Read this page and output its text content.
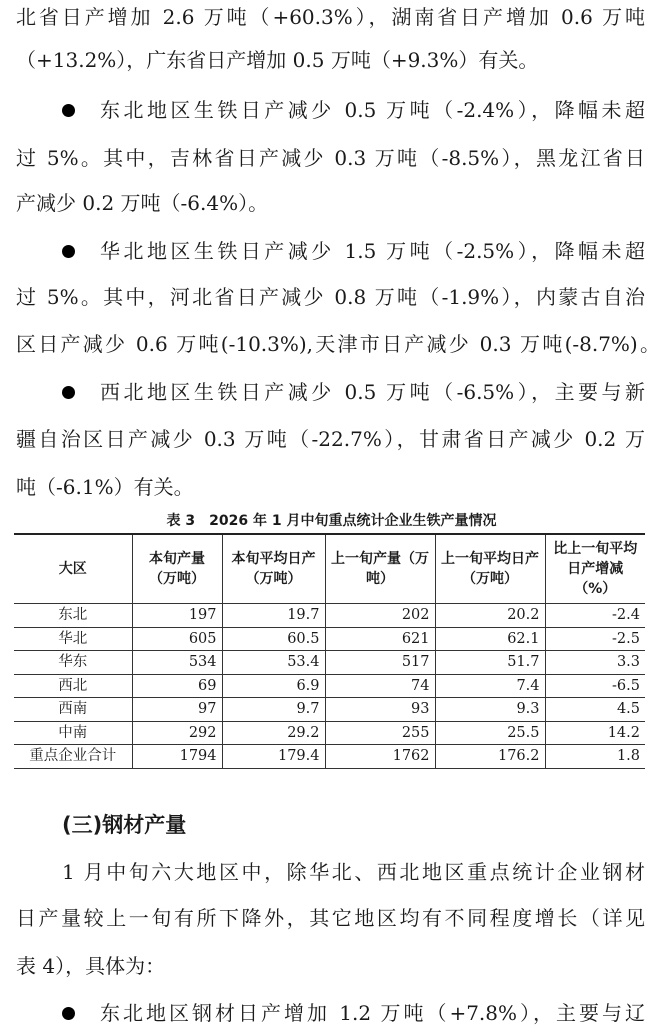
北省日产增加 2.6 万吨（+60.3%），湖南省日产增加 0.6 万吨
（+13.2%），广东省日产增加 0.5 万吨（+9.3%）有关。
东北地区生铁日产减少 0.5 万吨（-2.4%），降幅未超
过 5%。其中，吉林省日产减少 0.3 万吨（-8.5%），黑龙江省日
产减少 0.2 万吨（-6.4%）。
华北地区生铁日产减少 1.5 万吨（-2.5%），降幅未超
过 5%。其中，河北省日产减少 0.8 万吨（-1.9%），内蒙古自治
区日产减少 0.6 万吨(-10.3%),天津市日产减少 0.3 万吨(-8.7%)。
西北地区生铁日产减少 0.5 万吨（-6.5%），主要与新
疆自治区日产减少 0.3 万吨（-22.7%），甘肃省日产减少 0.2 万
吨（-6.1%）有关。
表 3　2026 年 1 月中旬重点统计企业生铁产量情况
大区	本旬产量（万吨）	本旬平均日产（万吨）	上一旬产量（万吨）	上一旬平均日产（万吨）	比上一旬平均日产增减（%）
东北	197	19.7	202	20.2	-2.4
华北	605	60.5	621	62.1	-2.5
华东	534	53.4	517	51.7	3.3
西北	69	6.9	74	7.4	-6.5
西南	97	9.7	93	9.3	4.5
中南	292	29.2	255	25.5	14.2
重点企业合计	1794	179.4	1762	176.2	1.8
(三)钢材产量
1 月中旬六大地区中，除华北、西北地区重点统计企业钢材
日产量较上一旬有所下降外，其它地区均有不同程度增长（详见
表 4），具体为：
东北地区钢材日产增加 1.2 万吨（+7.8%），主要与辽
